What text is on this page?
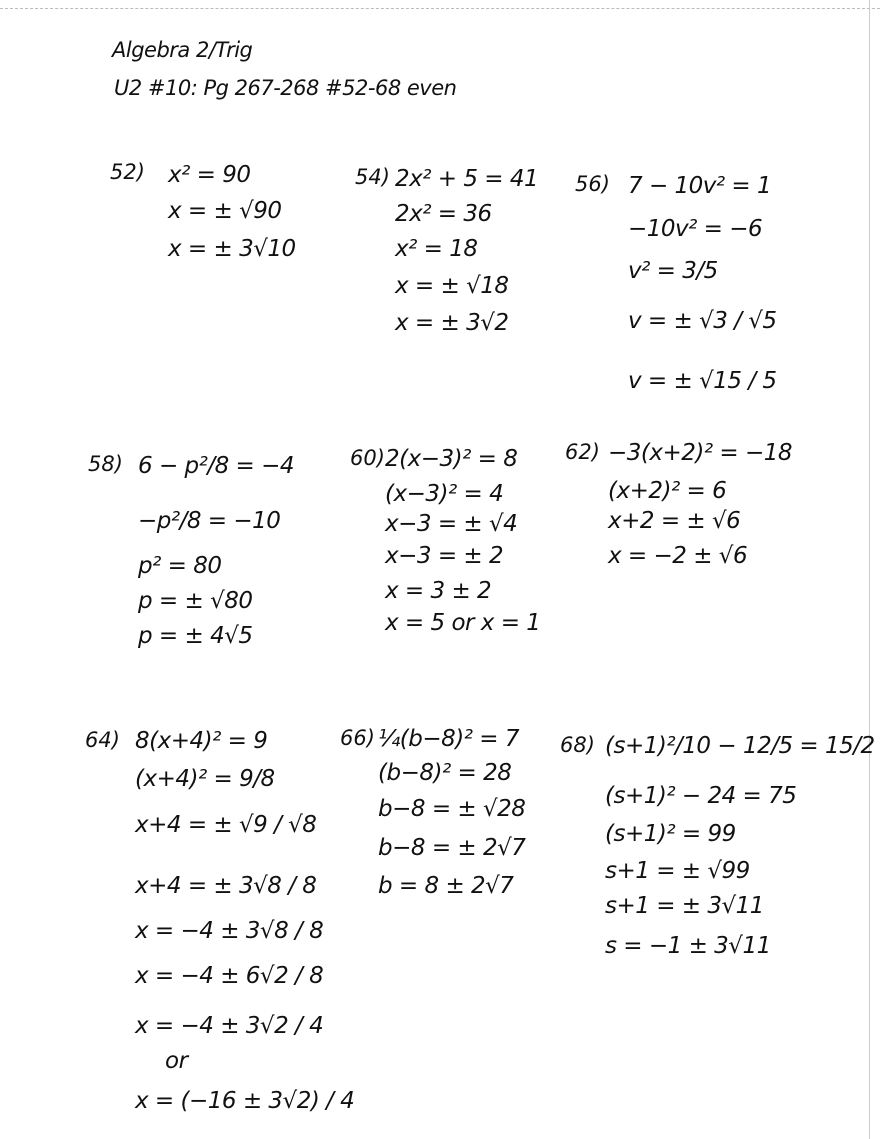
Algebra 2/Trig
U2 #10: Pg 267-268 #52-68 even
52) x² = 90
x = ± √90
x = ± 3√10
54) 2x² + 5 = 41
2x² = 36
x² = 18
x = ± √18
x = ± 3√2
56) 7 − 10v² = 1
−10v² = −6
v² = 3/5
v = ± √3 / √5
v = ± √15 / 5
58) 6 − p²/8 = −4
−p²/8 = −10
p² = 80
p = ± √80
p = ± 4√5
60) 2(x−3)² = 8
(x−3)² = 4
x−3 = ± √4
x−3 = ± 2
x = 3 ± 2
x = 5 or x = 1
62) −3(x+2)² = −18
(x+2)² = 6
x+2 = ± √6
x = −2 ± √6
64) 8(x+4)² = 9
(x+4)² = 9/8
x+4 = ± √9 / √8
x+4 = ± 3√8 / 8
x = −4 ± 3√8 / 8
x = −4 ± 6√2 / 8
x = −4 ± 3√2 / 4
or
x = (−16 ± 3√2) / 4
66) ¼(b−8)² = 7
(b−8)² = 28
b−8 = ± √28
b−8 = ± 2√7
b = 8 ± 2√7
68) (s+1)²/10 − 12/5 = 15/2
(s+1)² − 24 = 75
(s+1)² = 99
s+1 = ± √99
s+1 = ± 3√11
s = −1 ± 3√11
